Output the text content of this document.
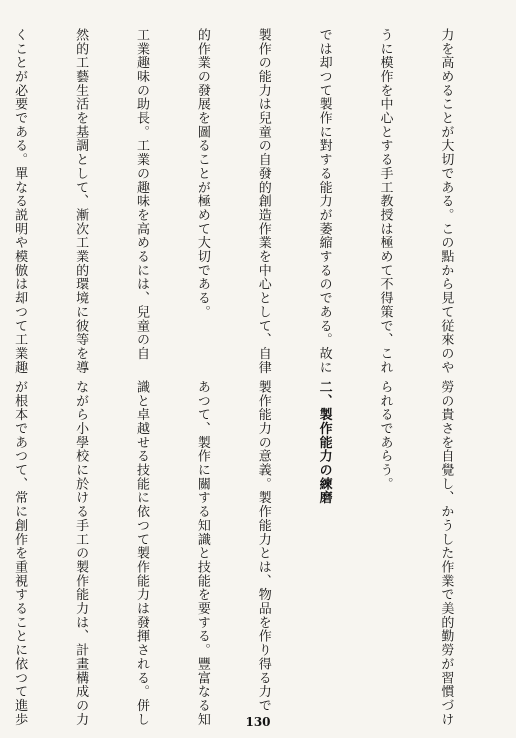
力を高めることが大切である。この點から見て従來のや

うに模作を中心とする手工教授は極めて不得策で、これ

では却つて製作に對する能力が萎縮するのである。故に

製作の能力は兒童の自發的創造作業を中心として、自律

的作業の發展を圖ることが極めて大切である。

工業趣味の助長。工業の趣味を高めるには、兒童の自

然的工藝生活を基調として、漸次工業的環境に彼等を導

くことが必要である。單なる説明や模倣は却つて工業趣

勞の貴さを自覺し、かうした作業で美的勤勞が習慣づけ

られるであらう。

二、製作能力の練磨

製作能力の意義。製作能力とは、物品を作り得る力で

あつて、製作に關する知識と技能を要する。豐富なる知

識と卓越せる技能に依つて製作能力は發揮される。併し

ながら小學校に於ける手工の製作能力は、計畫構成の力

が根本であつて、常に創作を重視することに依つて進歩

	130
